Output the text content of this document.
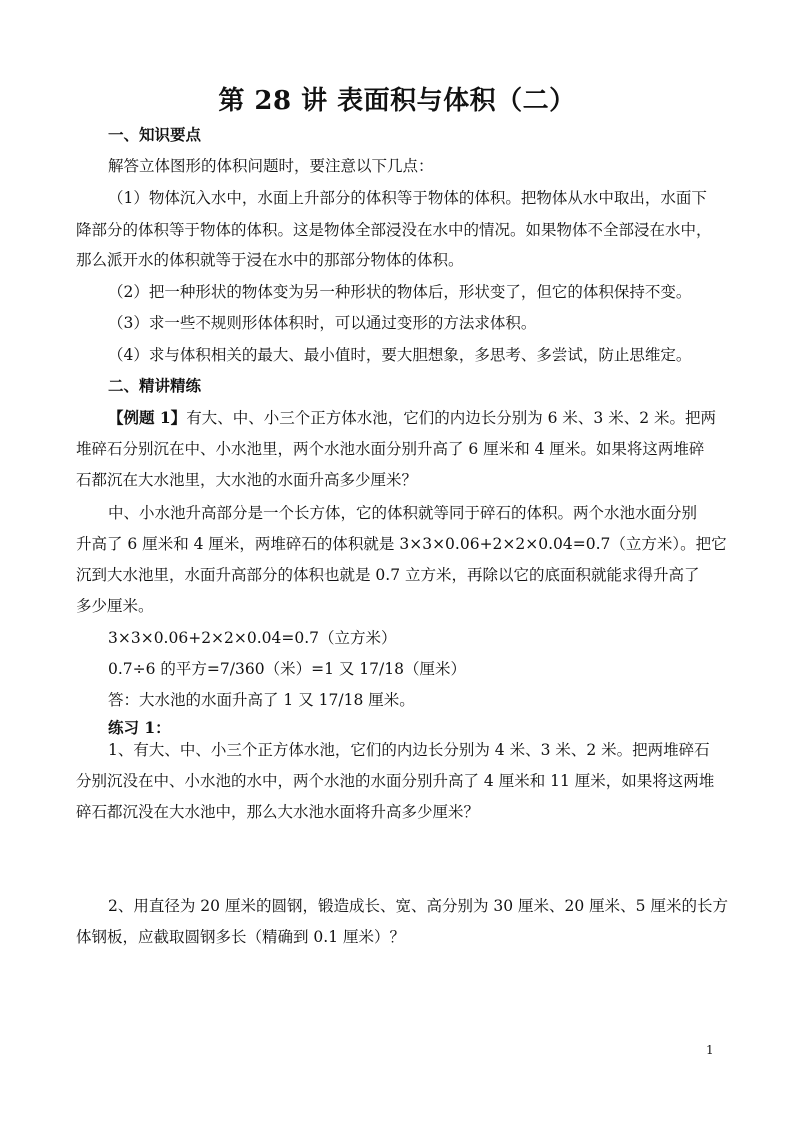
第 28 讲 表面积与体积（二）
一、知识要点
解答立体图形的体积问题时，要注意以下几点：
（1）物体沉入水中，水面上升部分的体积等于物体的体积。把物体从水中取出，水面下
降部分的体积等于物体的体积。这是物体全部浸没在水中的情况。如果物体不全部浸在水中，
那么派开水的体积就等于浸在水中的那部分物体的体积。
（2）把一种形状的物体变为另一种形状的物体后，形状变了，但它的体积保持不变。
（3）求一些不规则形体体积时，可以通过变形的方法求体积。
（4）求与体积相关的最大、最小值时，要大胆想象，多思考、多尝试，防止思维定。
二、精讲精练
【例题 1】有大、中、小三个正方体水池，它们的内边长分别为 6 米、3 米、2 米。把两
堆碎石分别沉在中、小水池里，两个水池水面分别升高了 6 厘米和 4 厘米。如果将这两堆碎
石都沉在大水池里，大水池的水面升高多少厘米？
中、小水池升高部分是一个长方体，它的体积就等同于碎石的体积。两个水池水面分别
升高了 6 厘米和 4 厘米，两堆碎石的体积就是 3×3×0.06+2×2×0.04=0.7（立方米）。把它
沉到大水池里，水面升高部分的体积也就是 0.7 立方米，再除以它的底面积就能求得升高了
多少厘米。
3×3×0.06+2×2×0.04=0.7（立方米）
0.7÷6 的平方=7/360（米）=1 又 17/18（厘米）
答：大水池的水面升高了 1 又 17/18 厘米。
练习 1：
1、有大、中、小三个正方体水池，它们的内边长分别为 4 米、3 米、2 米。把两堆碎石
分别沉没在中、小水池的水中，两个水池的水面分别升高了 4 厘米和 11 厘米，如果将这两堆
碎石都沉没在大水池中，那么大水池水面将升高多少厘米？
2、用直径为 20 厘米的圆钢，锻造成长、宽、高分别为 30 厘米、20 厘米、5 厘米的长方
体钢板，应截取圆钢多长（精确到 0.1 厘米）？
1
